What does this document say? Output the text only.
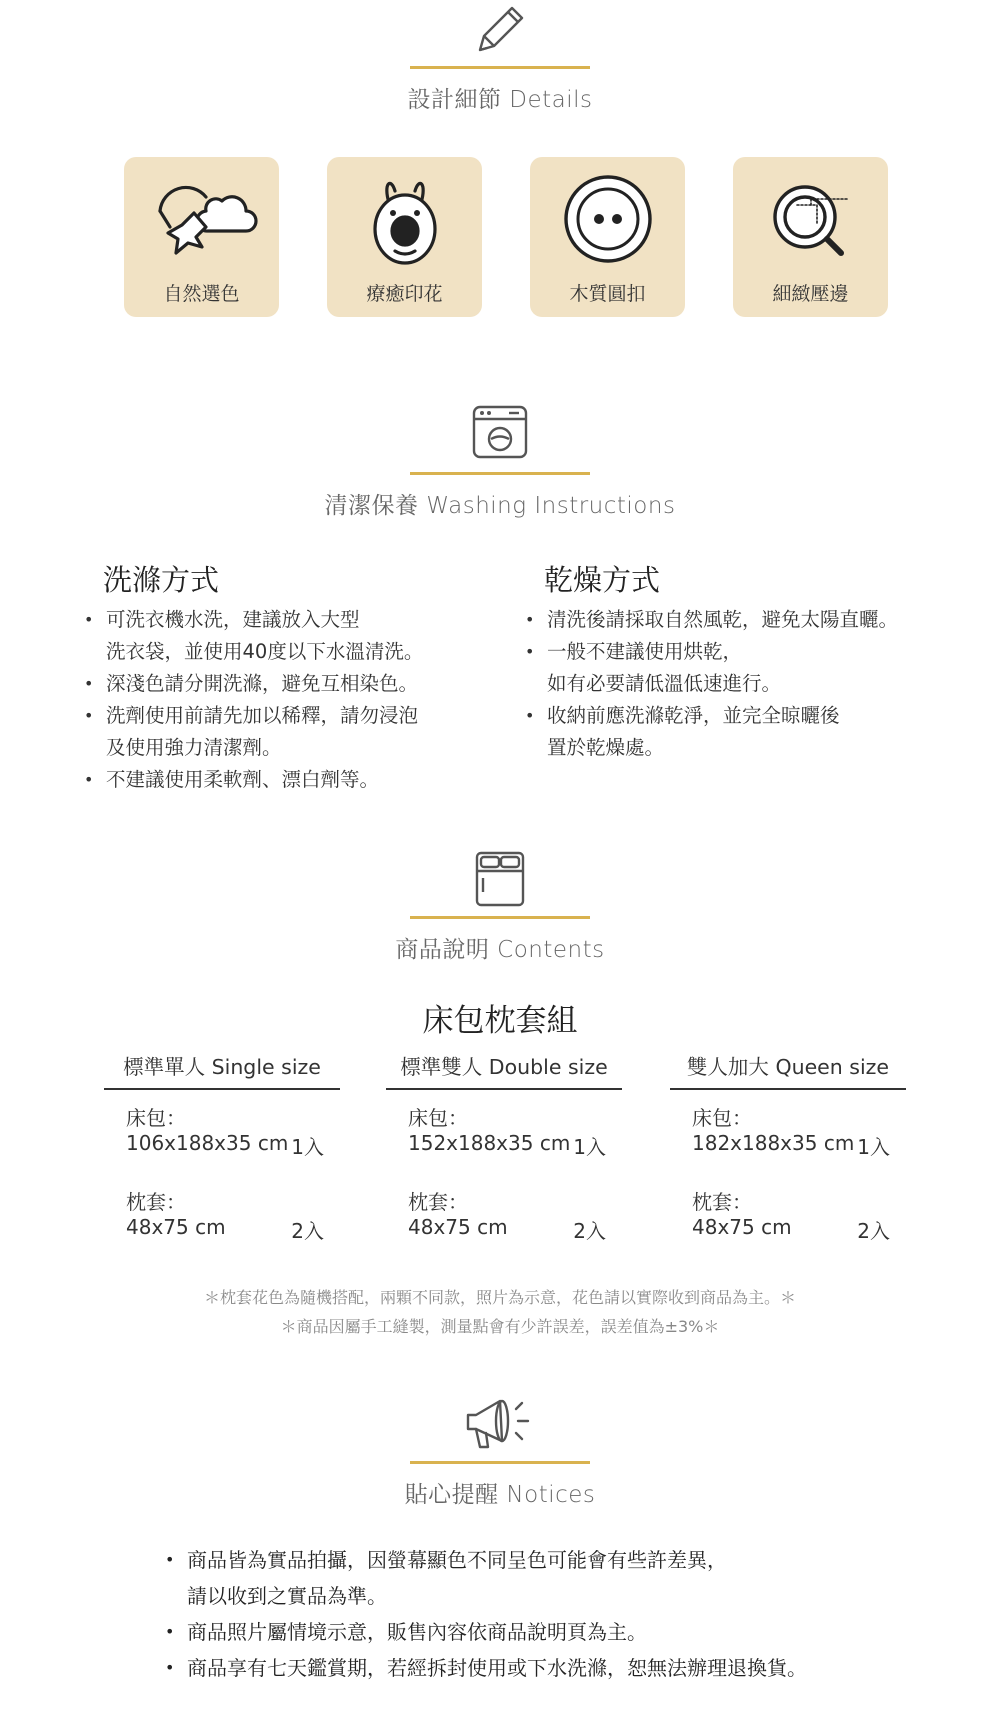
設計細節 Details
自然選色	療癒印花	木質圓扣	細緻壓邊
清潔保養 Washing Instructions
洗滌方式
• 可洗衣機水洗，建議放入大型
洗衣袋，並使用40度以下水溫清洗。
• 深淺色請分開洗滌，避免互相染色。
• 洗劑使用前請先加以稀釋，請勿浸泡
及使用強力清潔劑。
• 不建議使用柔軟劑、漂白劑等。
乾燥方式
• 清洗後請採取自然風乾，避免太陽直曬。
• 一般不建議使用烘乾，
如有必要請低溫低速進行。
• 收納前應洗滌乾淨，並完全晾曬後
置於乾燥處。
商品說明 Contents
床包枕套組
標準單人 Single size
床包：
106x188x35 cm 1入
枕套：
48x75 cm	2入
標準雙人 Double size
床包：
152x188x35 cm 1入
枕套：
48x75 cm	2入
雙人加大 Queen size
床包：
182x188x35 cm 1入
枕套：
48x75 cm	2入
＊枕套花色為隨機搭配，兩顆不同款，照片為示意，花色請以實際收到商品為主。＊
＊商品因屬手工縫製，測量點會有少許誤差，誤差值為±3%＊
貼心提醒 Notices
• 商品皆為實品拍攝，因螢幕顯色不同呈色可能會有些許差異，
請以收到之實品為準。
• 商品照片屬情境示意，販售內容依商品說明頁為主。
• 商品享有七天鑑賞期，若經拆封使用或下水洗滌，恕無法辦理退換貨。
